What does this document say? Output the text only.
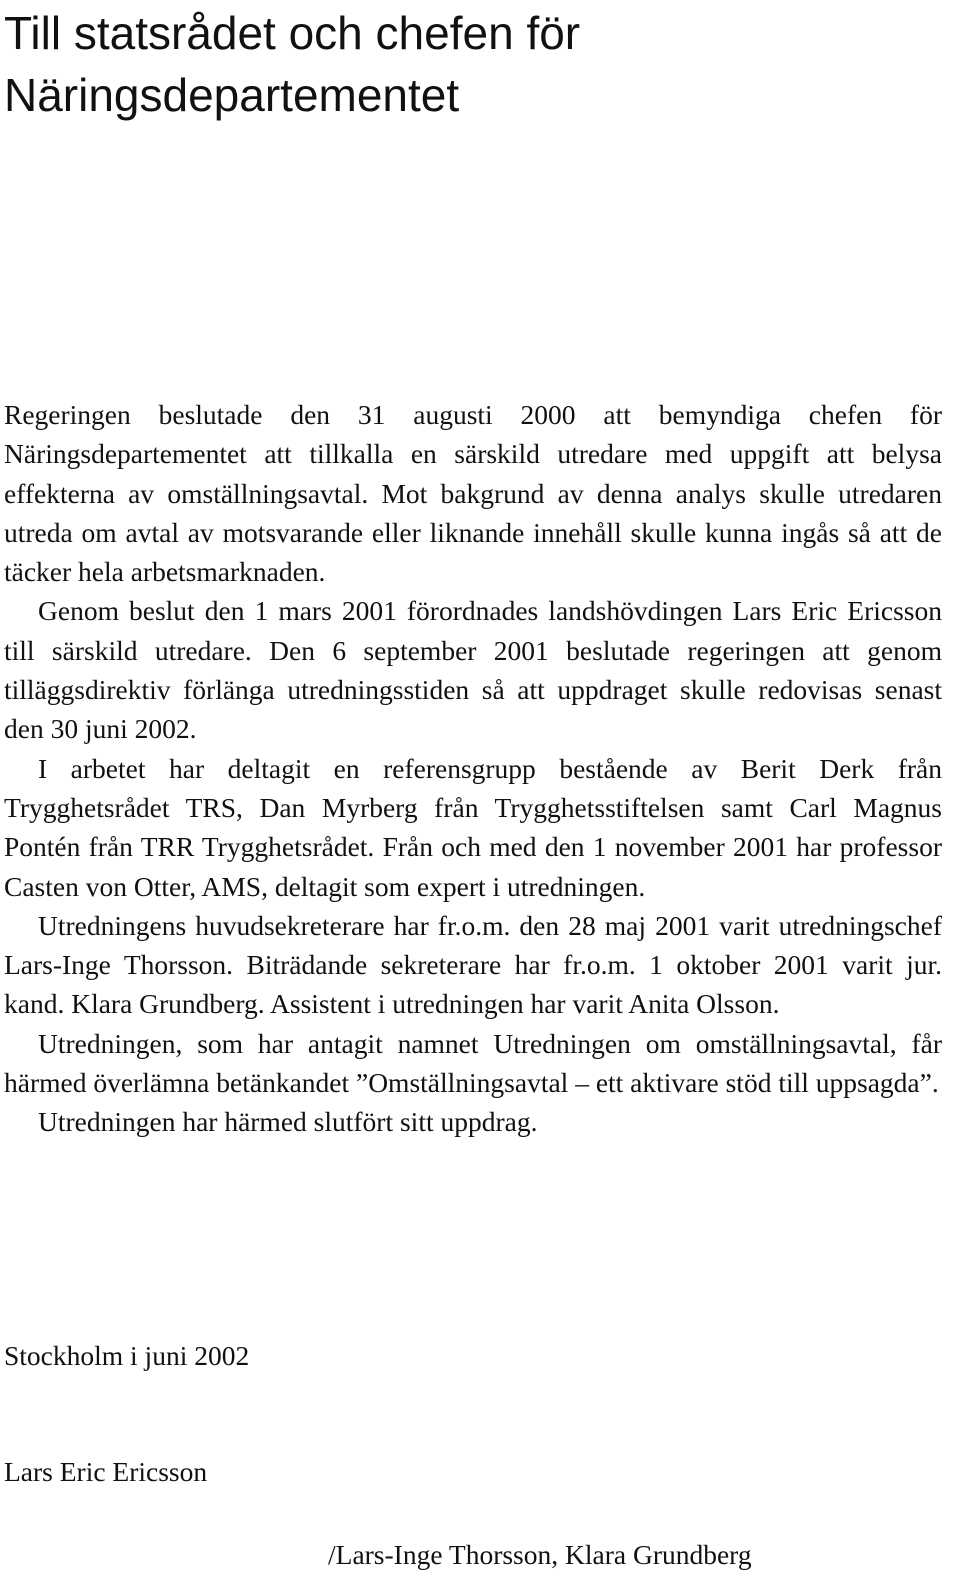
Till statsrådet och chefen för
Näringsdepartementet

Regeringen beslutade den 31 augusti 2000 att bemyndiga chefen för Näringsdepartementet att tillkalla en särskild utredare med uppgift att belysa effekterna av omställningsavtal. Mot bakgrund av denna analys skulle utredaren utreda om avtal av motsvarande eller liknande innehåll skulle kunna ingås så att de täcker hela arbetsmarknaden.

Genom beslut den 1 mars 2001 förordnades landshövdingen Lars Eric Ericsson till särskild utredare. Den 6 september 2001 beslutade regeringen att genom tilläggsdirektiv förlänga utredningsstiden så att uppdraget skulle redovisas senast den 30 juni 2002.

I arbetet har deltagit en referensgrupp bestående av Berit Derk från Trygghetsrådet TRS, Dan Myrberg från Trygghetsstiftelsen samt Carl Magnus Pontén från TRR Trygghetsrådet. Från och med den 1 november 2001 har professor Casten von Otter, AMS, deltagit som expert i utredningen.

Utredningens huvudsekreterare har fr.o.m. den 28 maj 2001 varit utredningschef Lars-Inge Thorsson. Biträdande sekreterare har fr.o.m. 1 oktober 2001 varit jur. kand. Klara Grundberg. Assistent i utredningen har varit Anita Olsson.

Utredningen, som har antagit namnet Utredningen om omställningsavtal, får härmed överlämna betänkandet ”Omställningsavtal – ett aktivare stöd till uppsagda”.

Utredningen har härmed slutfört sitt uppdrag.

Stockholm i juni 2002

Lars Eric Ericsson

/Lars-Inge Thorsson, Klara Grundberg
